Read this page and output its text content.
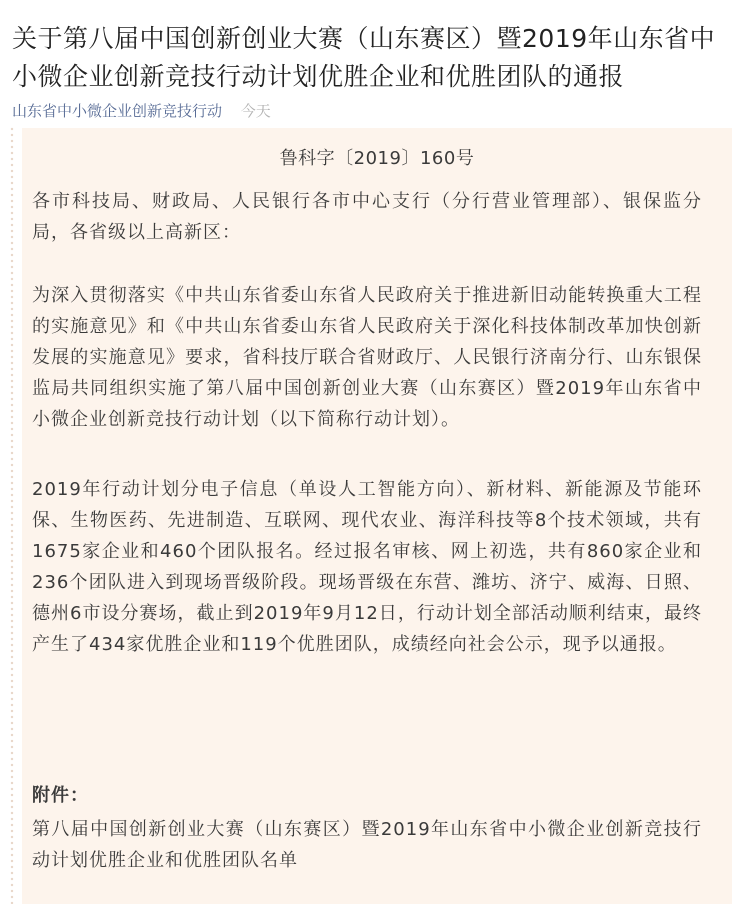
关于第八届中国创新创业大赛（山东赛区）暨2019年山东省中小微企业创新竞技行动计划优胜企业和优胜团队的通报
山东省中小微企业创新竞技行动 今天
鲁科字〔2019〕160号

各市科技局、财政局、人民银行各市中心支行（分行营业管理部）、银保监分局，各省级以上高新区：

为深入贯彻落实《中共山东省委山东省人民政府关于推进新旧动能转换重大工程的实施意见》和《中共山东省委山东省人民政府关于深化科技体制改革加快创新发展的实施意见》要求，省科技厅联合省财政厅、人民银行济南分行、山东银保监局共同组织实施了第八届中国创新创业大赛（山东赛区）暨2019年山东省中小微企业创新竞技行动计划（以下简称行动计划）。

2019年行动计划分电子信息（单设人工智能方向）、新材料、新能源及节能环保、生物医药、先进制造、互联网、现代农业、海洋科技等8个技术领域，共有1675家企业和460个团队报名。经过报名审核、网上初选，共有860家企业和236个团队进入到现场晋级阶段。现场晋级在东营、潍坊、济宁、威海、日照、德州6市设分赛场，截止到2019年9月12日，行动计划全部活动顺利结束，最终产生了434家优胜企业和119个优胜团队，成绩经向社会公示，现予以通报。

附件：

第八届中国创新创业大赛（山东赛区）暨2019年山东省中小微企业创新竞技行动计划优胜企业和优胜团队名单
